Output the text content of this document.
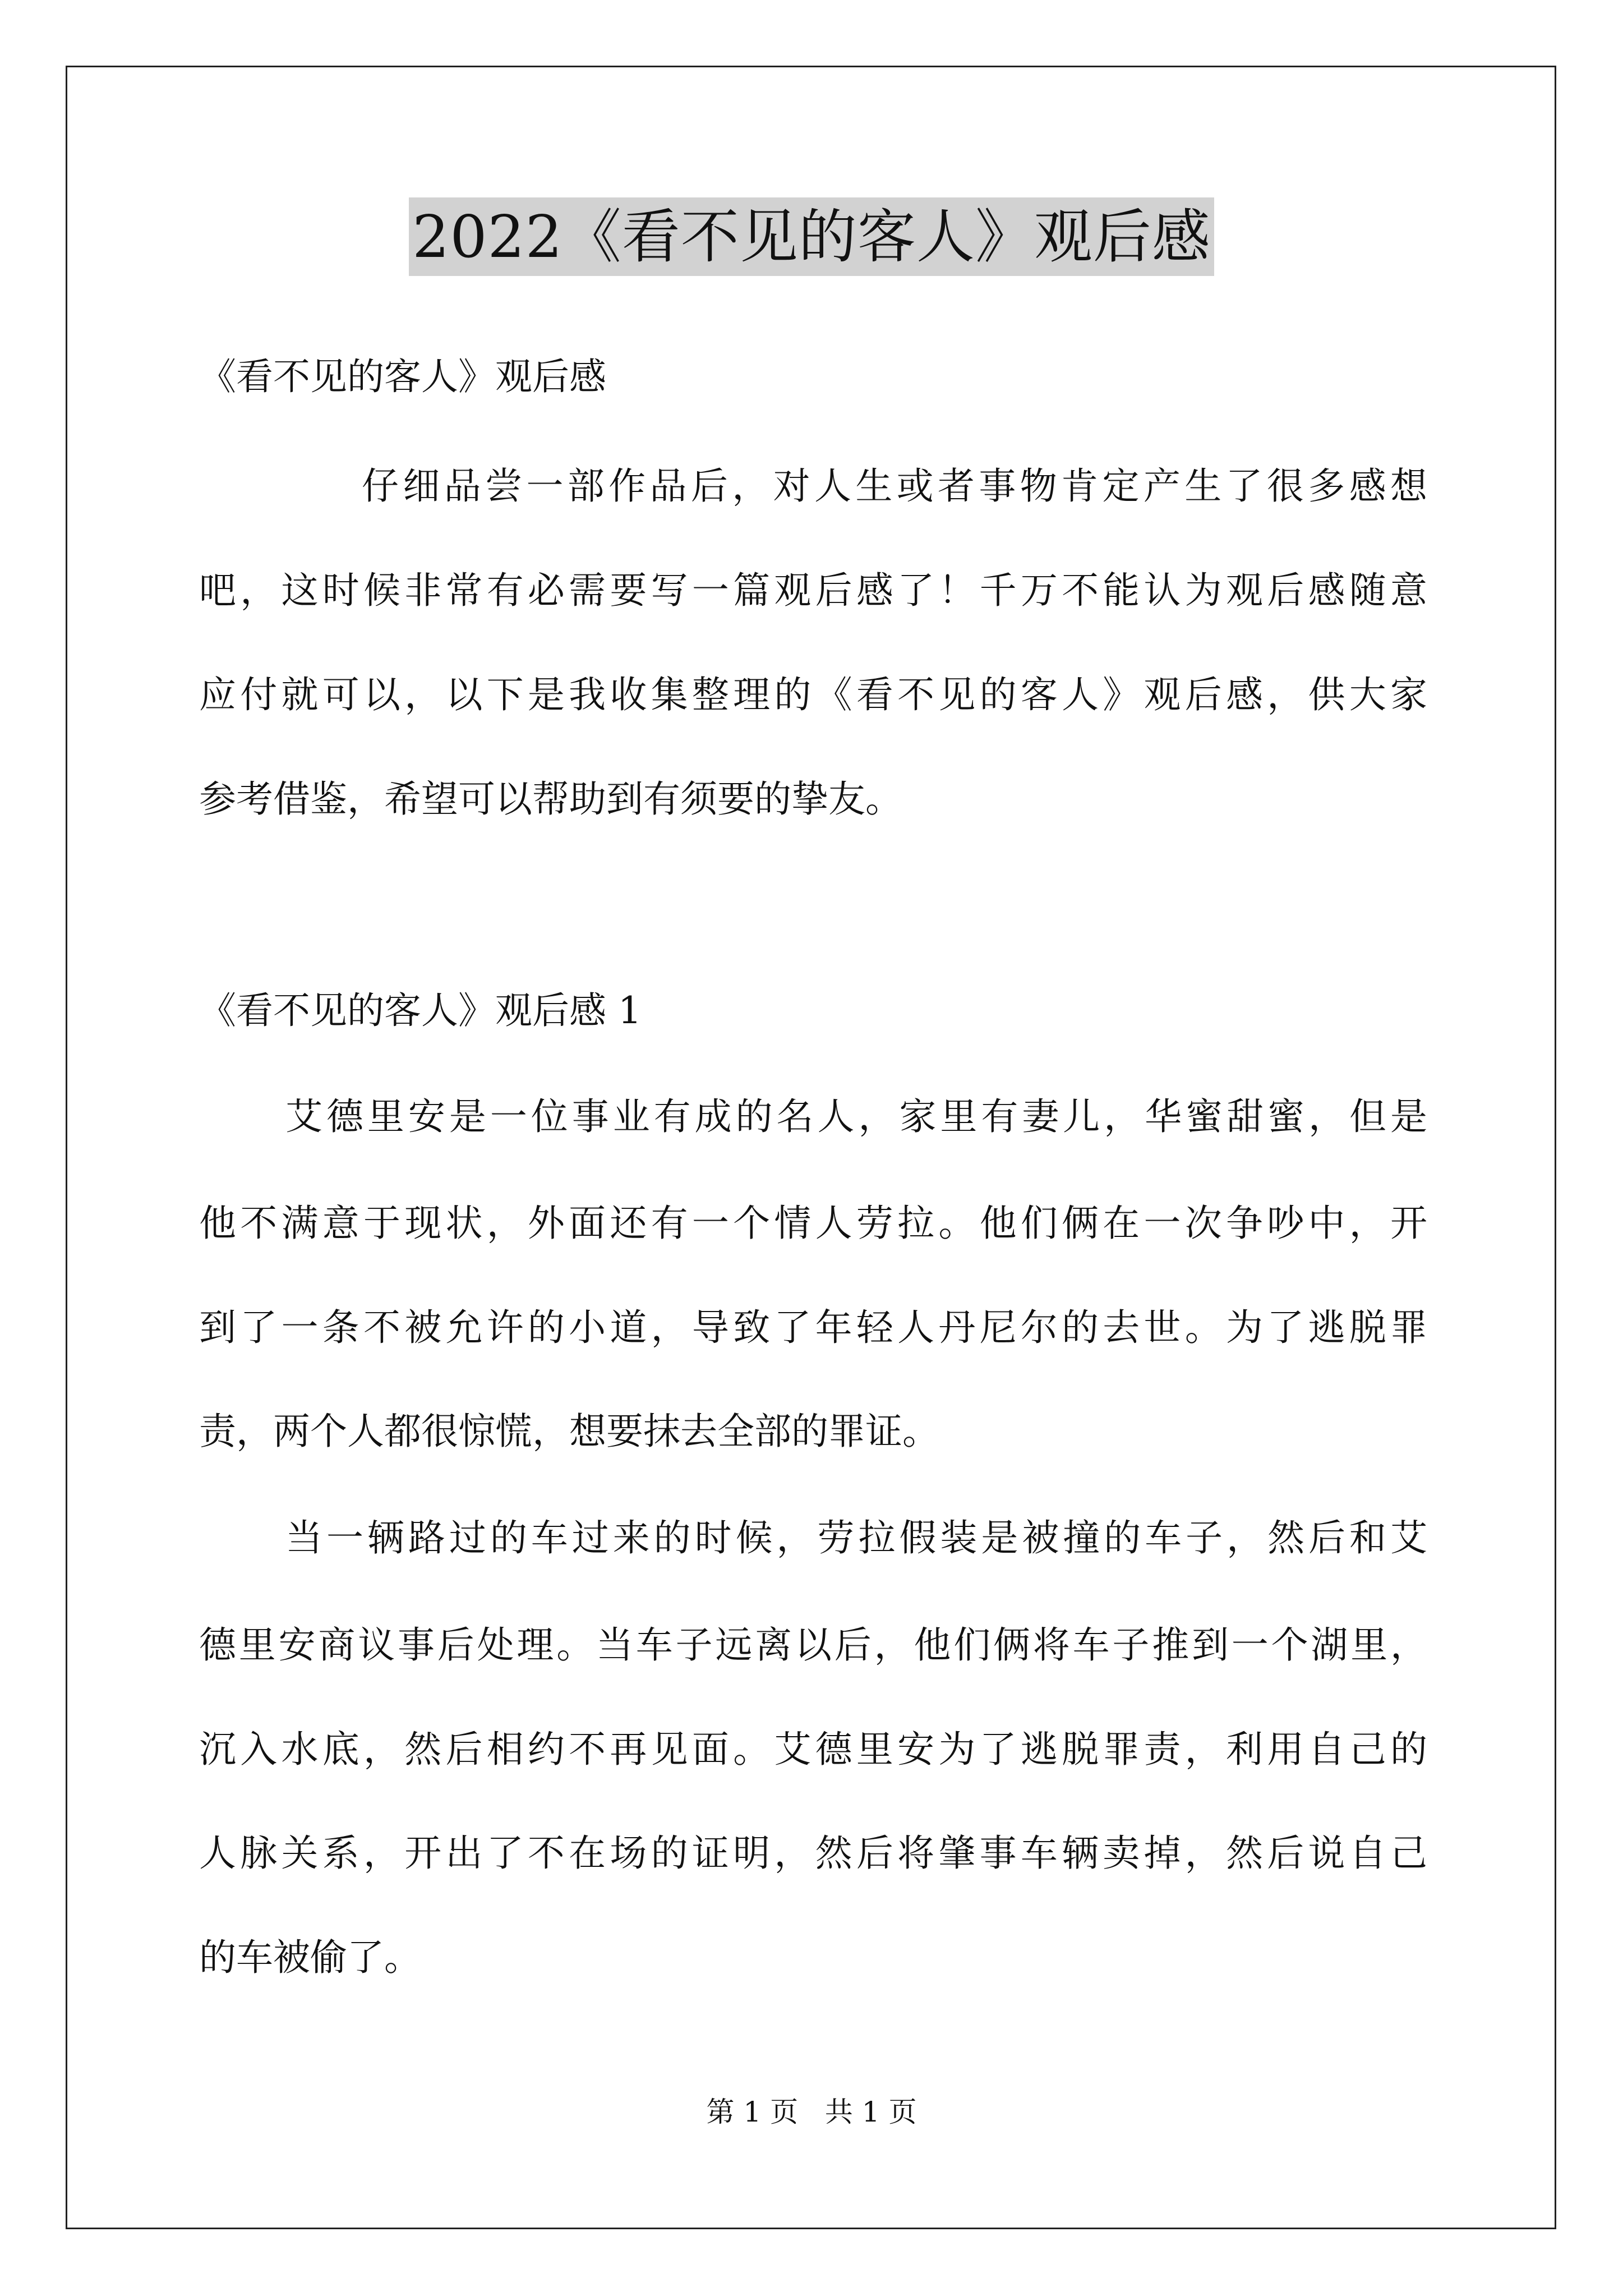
2022《看不见的客人》观后感
《看不见的客人》观后感
仔细品尝一部作品后，对人生或者事物肯定产生了很多感想
吧，这时候非常有必需要写一篇观后感了！千万不能认为观后感随意
应付就可以，以下是我收集整理的《看不见的客人》观后感，供大家
参考借鉴，希望可以帮助到有须要的挚友。
《看不见的客人》观后感 1
艾德里安是一位事业有成的名人，家里有妻儿，华蜜甜蜜，但是
他不满意于现状，外面还有一个情人劳拉。他们俩在一次争吵中，开
到了一条不被允许的小道，导致了年轻人丹尼尔的去世。为了逃脱罪
责，两个人都很惊慌，想要抹去全部的罪证。
当一辆路过的车过来的时候，劳拉假装是被撞的车子，然后和艾
德里安商议事后处理。当车子远离以后，他们俩将车子推到一个湖里，
沉入水底，然后相约不再见面。艾德里安为了逃脱罪责，利用自己的
人脉关系，开出了不在场的证明，然后将肇事车辆卖掉，然后说自己
的车被偷了。
第 1 页 共 1 页
